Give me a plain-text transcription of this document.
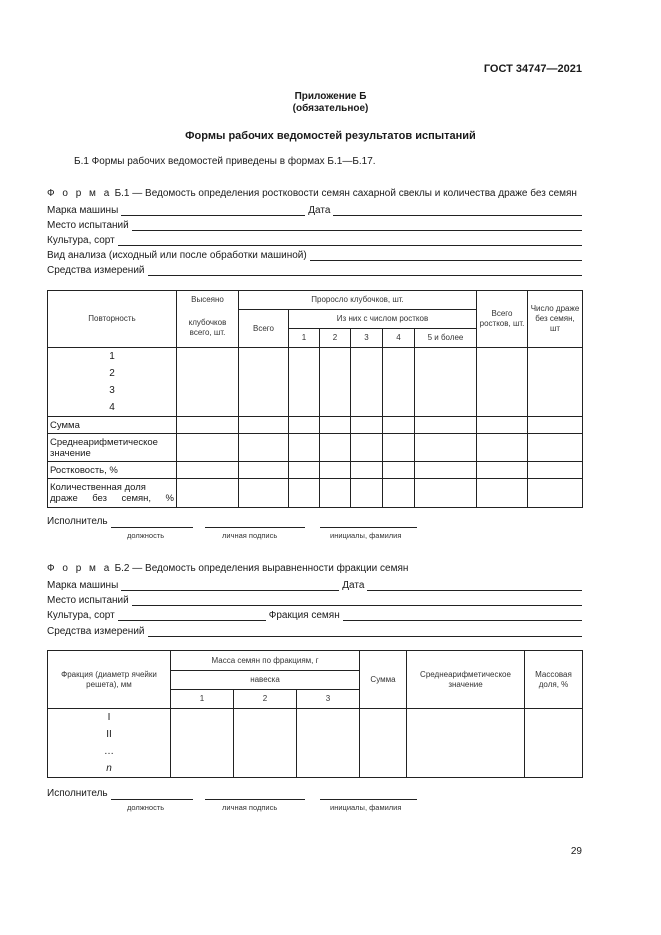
ГОСТ 34747—2021
Приложение Б
(обязательное)
Формы рабочих ведомостей результатов испытаний
Б.1 Формы рабочих ведомостей приведены в формах Б.1—Б.17.
Ф о р м а Б.1 — Ведомость определения ростковости семян сахарной свеклы и количества драже без семян
Марка машины	Дата
Место испытаний
Культура, сорт
Вид анализа (исходный или после обработки машиной)
Средства измерений
Повторность	Высеяно	Проросло клубочков, шт.						Всего ростков, шт.	Число драже без семян, шт
	клубочков всего, шт.	Всего	Из них с числом ростков						
			1	2	3	4	5 и более		

1
2
3
4									

Сумма									
Среднеарифметическое значение									
Ростковость, %									
Количественная доля драже без семян, %									
Исполнитель
должность	личная подпись	инициалы, фамилия
Ф о р м а Б.2 — Ведомость определения выравненности фракции семян
Марка машины	Дата
Место испытаний
Культура, сорт	Фракция семян
Средства измерений
Фракция (диаметр ячейки решета), мм	Масса семян по фракциям, г			Сумма	Среднеарифметическое значение	Массовая доля, %
	навеска					
	1	2	3			

I
II
…
n						

Исполнитель
должность	личная подпись	инициалы, фамилия
29
